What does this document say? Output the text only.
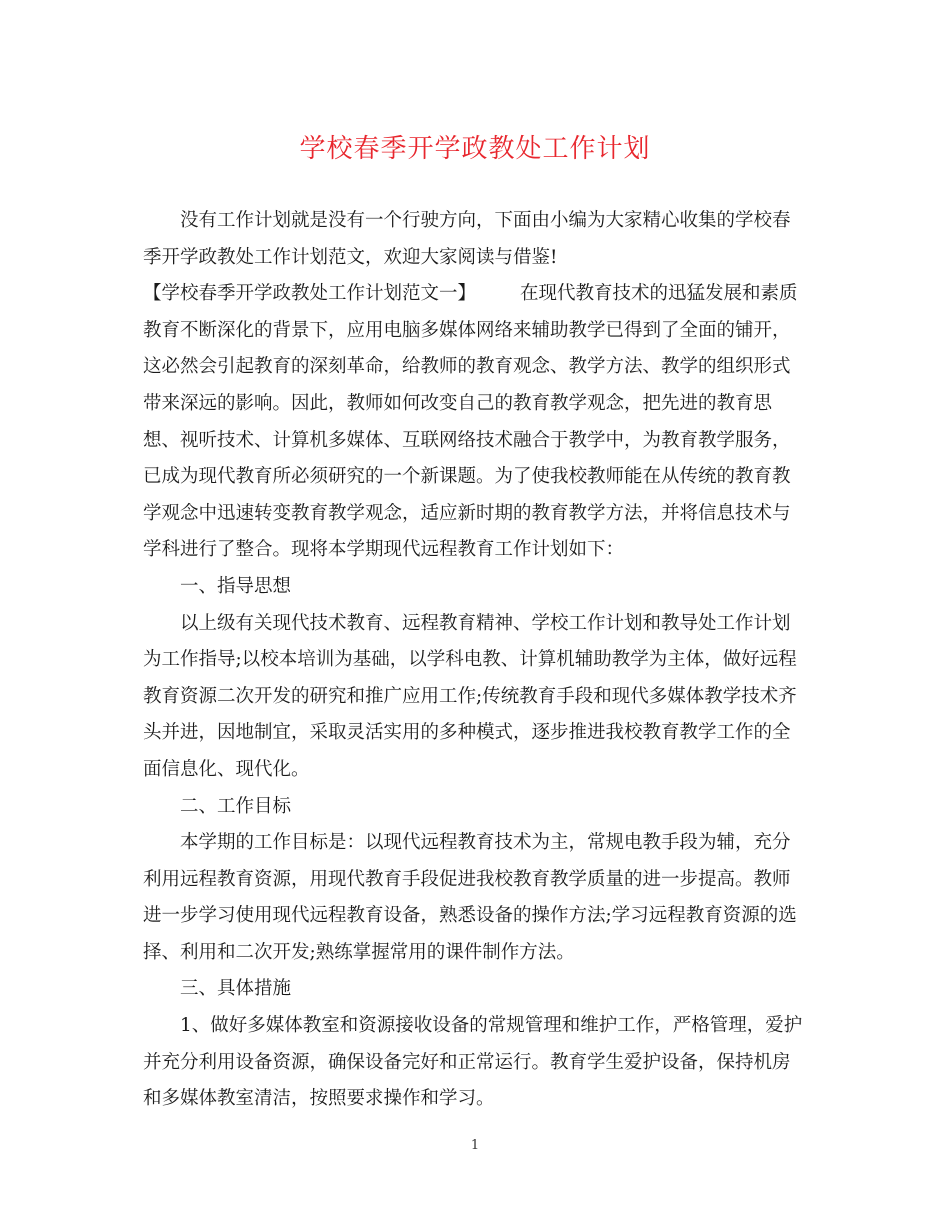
学校春季开学政教处工作计划
没有工作计划就是没有一个行驶方向，下面由小编为大家精心收集的学校春
季开学政教处工作计划范文，欢迎大家阅读与借鉴!
【学校春季开学政教处工作计划范文一】 在现代教育技术的迅猛发展和素质
教育不断深化的背景下，应用电脑多媒体网络来辅助教学已得到了全面的铺开，
这必然会引起教育的深刻革命，给教师的教育观念、教学方法、教学的组织形式
带来深远的影响。因此，教师如何改变自己的教育教学观念，把先进的教育思
想、视听技术、计算机多媒体、互联网络技术融合于教学中，为教育教学服务，
已成为现代教育所必须研究的一个新课题。为了使我校教师能在从传统的教育教
学观念中迅速转变教育教学观念，适应新时期的教育教学方法，并将信息技术与
学科进行了整合。现将本学期现代远程教育工作计划如下：
一、指导思想
以上级有关现代技术教育、远程教育精神、学校工作计划和教导处工作计划
为工作指导;以校本培训为基础，以学科电教、计算机辅助教学为主体，做好远程
教育资源二次开发的研究和推广应用工作;传统教育手段和现代多媒体教学技术齐
头并进，因地制宜，采取灵活实用的多种模式，逐步推进我校教育教学工作的全
面信息化、现代化。
二、工作目标
本学期的工作目标是：以现代远程教育技术为主，常规电教手段为辅，充分
利用远程教育资源，用现代教育手段促进我校教育教学质量的进一步提高。教师
进一步学习使用现代远程教育设备，熟悉设备的操作方法;学习远程教育资源的选
择、利用和二次开发;熟练掌握常用的课件制作方法。
三、具体措施
1、做好多媒体教室和资源接收设备的常规管理和维护工作，严格管理，爱护
并充分利用设备资源，确保设备完好和正常运行。教育学生爱护设备，保持机房
和多媒体教室清洁，按照要求操作和学习。
1
